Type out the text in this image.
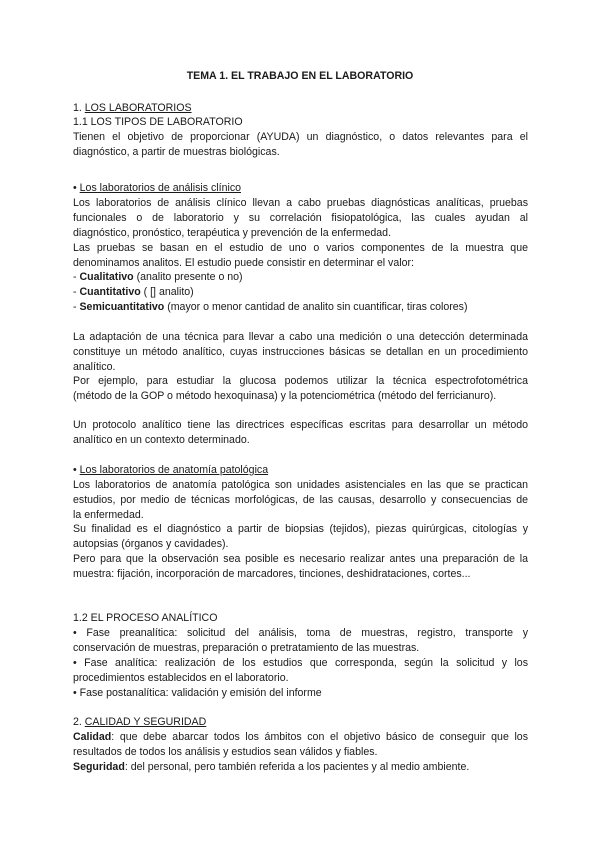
TEMA 1. EL TRABAJO EN EL LABORATORIO
1. LOS LABORATORIOS
1.1 LOS TIPOS DE LABORATORIO
Tienen el objetivo de proporcionar (AYUDA) un diagnóstico, o datos relevantes para el
diagnóstico, a partir de muestras biológicas.
• Los laboratorios de análisis clínico
Los laboratorios de análisis clínico llevan a cabo pruebas diagnósticas analíticas, pruebas
funcionales o de laboratorio y su correlación fisiopatológica, las cuales ayudan al
diagnóstico, pronóstico, terapéutica y prevención de la enfermedad.
Las pruebas se basan en el estudio de uno o varios componentes de la muestra que
denominamos analitos. El estudio puede consistir en determinar el valor:
- Cualitativo (analito presente o no)
- Cuantitativo ( [] analito)
- Semicuantitativo (mayor o menor cantidad de analito sin cuantificar, tiras colores)
La adaptación de una técnica para llevar a cabo una medición o una detección determinada
constituye un método analítico, cuyas instrucciones básicas se detallan en un procedimiento
analítico.
Por ejemplo, para estudiar la glucosa podemos utilizar la técnica espectrofotométrica
(método de la GOP o método hexoquinasa) y la potenciométrica (método del ferricianuro).
Un protocolo analítico tiene las directrices específicas escritas para desarrollar un método
analítico en un contexto determinado.
• Los laboratorios de anatomía patológica
Los laboratorios de anatomía patológica son unidades asistenciales en las que se practican
estudios, por medio de técnicas morfológicas, de las causas, desarrollo y consecuencias de
la enfermedad.
Su finalidad es el diagnóstico a partir de biopsias (tejidos), piezas quirúrgicas, citologías y
autopsias (órganos y cavidades).
Pero para que la observación sea posible es necesario realizar antes una preparación de la
muestra: fijación, incorporación de marcadores, tinciones, deshidrataciones, cortes...
1.2 EL PROCESO ANALÍTICO
• Fase preanalítica: solicitud del análisis, toma de muestras, registro, transporte y
conservación de muestras, preparación o pretratamiento de las muestras.
• Fase analítica: realización de los estudios que corresponda, según la solicitud y los
procedimientos establecidos en el laboratorio.
• Fase postanalítica: validación y emisión del informe
2. CALIDAD Y SEGURIDAD
Calidad: que debe abarcar todos los ámbitos con el objetivo básico de conseguir que los
resultados de todos los análisis y estudios sean válidos y fiables.
Seguridad: del personal, pero también referida a los pacientes y al medio ambiente.
